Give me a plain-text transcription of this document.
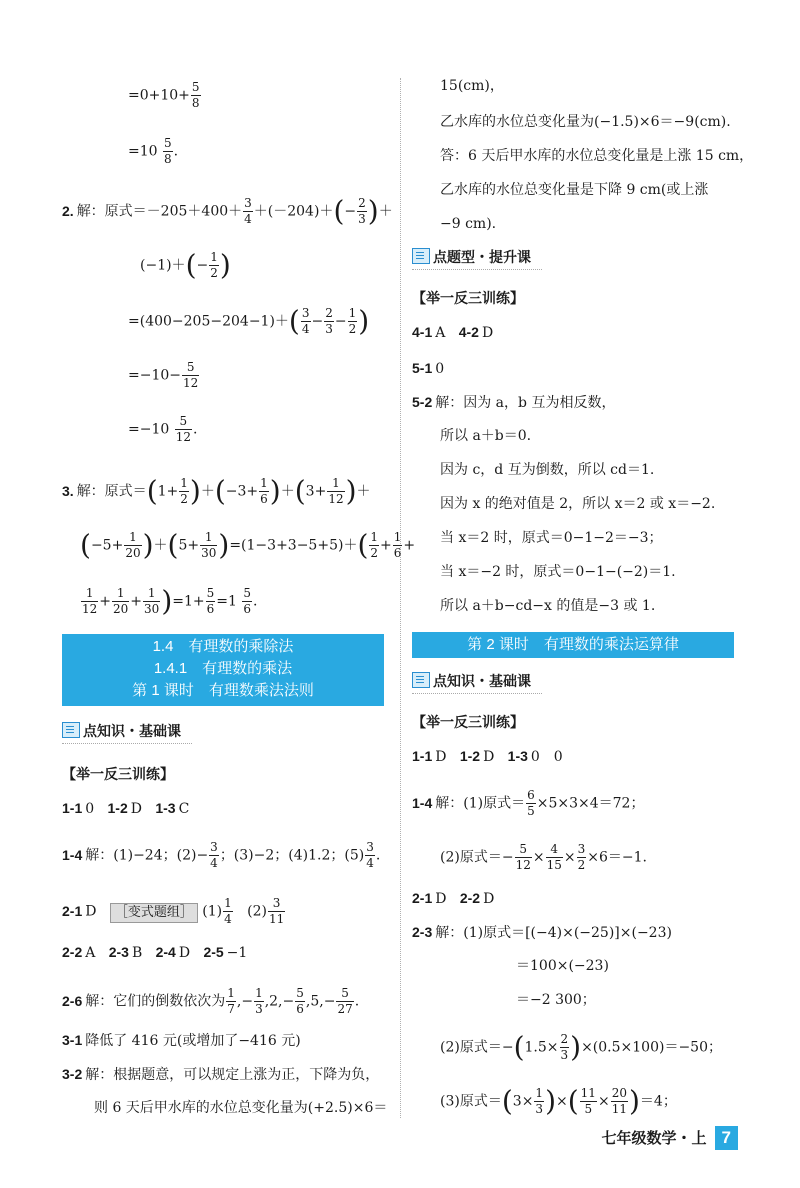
$=0+10+ \frac{5}{8}$
$=10 \frac{5}{8}$ .
2. 解：原式$=-205+400+ \frac{3}{4} +(-204)+(- \frac{2}{3}$ )＋
$(-1)+(- \frac{1}{2}$ )
$=(400-205-204-1)+( \frac{3}{4} - \frac{2}{3} - \frac{1}{2}$ )
$=-10- \frac{5}{12}$
$=-10 \frac{5}{12}$ .
3. 解：原式$=(1+ \frac{1}{2} )+(-3+ \frac{1}{6} )+(3+ \frac{1}{12}$ )＋
$(-5+ \frac{1}{20} )+(5+ \frac{1}{30} )=(1-3+3-5+5)+( \frac{1}{2} + \frac{1}{6}$ +
$\frac{1}{12} + \frac{1}{20} + \frac{1}{30} )=1+ \frac{5}{6} =1 \frac{5}{6}$ .
1.4　有理数的乘除法
1.4.1　有理数的乘法
第 1 课时　有理数乘法法则
点知识・基础课
【举一反三训练】
1-1 0 1-2 D 1-3 C
1-4 解：(1)−24；$(2)- \frac{3}{4}$ ；(3)−2；(4)1.2；$(5) \frac{3}{4}$ .
2-1 D ［变式题组］ $(1) \frac{1}{4} (2) \frac{3}{11}$
2-2 A 2-3 B 2-4 D 2-5 −1
2-6 解：它们的倒数依次为 $\frac{1}{7}$ ,− $\frac{1}{3} ,2,- \frac{5}{6} ,5,- \frac{5}{27}$ .
3-1 降低了 416 元(或增加了−416 元)
3-2 解：根据题意，可以规定上涨为正，下降为负，
则 6 天后甲水库的水位总变化量为(+2.5)×6＝
15(cm)，
乙水库的水位总变化量为(−1.5)×6＝−9(cm).
答：6 天后甲水库的水位总变化量是上涨 15 cm，
乙水库的水位总变化量是下降 9 cm(或上涨
−9 cm).
点题型・提升课
【举一反三训练】
4-1 A 4-2 D
5-1 0
5-2 解：因为 a，b 互为相反数，
所以 a＋b＝0.
因为 c，d 互为倒数，所以 cd＝1.
因为 x 的绝对值是 2，所以 x＝2 或 x＝−2.
当 x＝2 时，原式＝0−1−2＝−3；
当 x＝−2 时，原式＝0−1−(−2)＝1.
所以 a＋b−cd−x 的值是−3 或 1.
第 2 课时　有理数的乘法运算律
点知识・基础课
【举一反三训练】
1-1 D 1-2 D 1-3 0　0
1-4 解：(1)原式＝ $\frac{6}{5} \times 5\times 3\times 4=72$；
(2)原式＝− $\frac{5}{12} \times \frac{4}{15} \times \frac{3}{2} \times 6=-1$.
2-1 D 2-2 D
2-3 解：(1)原式＝[(−4)×(−25)]×(−23)
＝100×(−23)
＝−2 300；
(2)原式$=-(1.5\times \frac{2}{3} )\times(0.5\times 100)=-50$；
(3)原式$=(3\times \frac{1}{3}$ )×( $\frac{11}{5} \times \frac{20}{11} )=4$；
七年级数学・上 7
